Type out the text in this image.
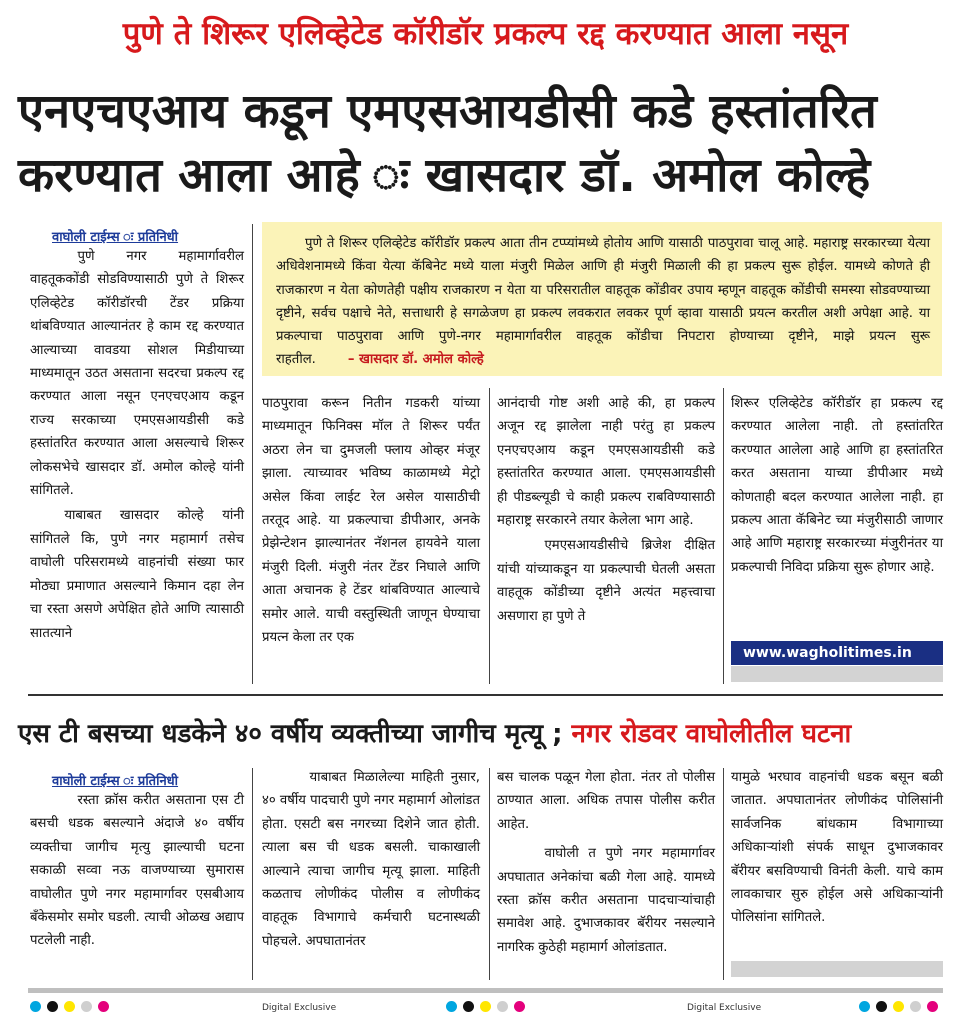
पुणे ते शिरूर एलिव्हेटेड कॉरीडॉर प्रकल्प रद्द करण्यात आला नसून
एनएचएआय कडून एमएसआयडीसी कडे हस्तांतरित
करण्यात आला आहे ः खासदार डॉ. अमोल कोल्हे
वाघोली टाईम्स ः प्रतिनिधी

पुणे नगर महामार्गावरील वाहतूककोंडी सोडविण्यासाठी पुणे ते शिरूर एलिव्हेटेड कॉरीडॉरची टेंडर प्रक्रिया थांबविण्यात आल्यानंतर हे काम रद्द करण्यात आल्याच्या वावडया सोशल मिडीयाच्या माध्यमातून उठत असताना सदरचा प्रकल्प रद्द करण्यात आला नसून एनएचएआय कडून राज्य सरकाच्या एमएसआयडीसी कडे हस्तांतरित करण्यात आला असल्याचे शिरूर लोकसभेचे खासदार डॉ. अमोल कोल्हे यांनी सांगितले.

याबाबत खासदार कोल्हे यांनी सांगितले कि, पुणे नगर महामार्ग तसेच वाघोली परिसरामध्ये वाहनांची संख्या फार मोठ्या प्रमाणात असल्याने किमान दहा लेन चा रस्ता असणे अपेक्षित होते आणि त्यासाठी सातत्याने

पुणे ते शिरूर एलिव्हेटेड कॉरीडॉर प्रकल्प आता तीन टप्प्यांमध्ये होतोय आणि यासाठी पाठपुरावा चालू आहे. महाराष्ट्र सरकारच्या येत्या अधिवेशनामध्ये किंवा येत्या कॅबिनेट मध्ये याला मंजुरी मिळेल आणि ही मंजुरी मिळाली की हा प्रकल्प सुरू होईल. यामध्ये कोणते ही राजकारण न येता कोणतेही पक्षीय राजकारण न येता या परिसरातील वाहतूक कोंडीवर उपाय म्हणून वाहतूक कोंडीची समस्या सोडवण्याच्या दृष्टीने, सर्वच पक्षाचे नेते, सत्ताधारी हे सगळेजण हा प्रकल्प लवकरात लवकर पूर्ण व्हावा यासाठी प्रयत्न करतील अशी अपेक्षा आहे. या प्रकल्पाचा पाठपुरावा आणि पुणे-नगर महामार्गावरील वाहतूक कोंडीचा निपटारा होण्याच्या दृष्टीने, माझे प्रयत्न सुरू राहतील. – खासदार डॉ. अमोल कोल्हे

पाठपुरावा करून नितीन गडकरी यांच्या माध्यमातून फिनिक्स मॉल ते शिरूर पर्यंत अठरा लेन चा दुमजली फ्लाय ओव्हर मंजूर झाला. त्याच्यावर भविष्य काळामध्ये मेट्रो असेल किंवा लाईट रेल असेल यासाठीची तरतूद आहे. या प्रकल्पाचा डीपीआर, अनके प्रेझेन्टेशन झाल्यानंतर नॅशनल हायवेने याला मंजुरी दिली. मंजुरी नंतर टेंडर निघाले आणि आता अचानक हे टेंडर थांबविण्यात आल्याचे समोर आले. याची वस्तुस्थिती जाणून घेण्याचा प्रयत्न केला तर एक

आनंदाची गोष्ट अशी आहे की, हा प्रकल्प अजून रद्द झालेला नाही परंतु हा प्रकल्प एनएचएआय कडून एमएसआयडीसी कडे हस्तांतरित करण्यात आला. एमएसआयडीसी ही पीडब्ल्यूडी चे काही प्रकल्प राबविण्यासाठी महाराष्ट्र सरकारने तयार केलेला भाग आहे.

एमएसआयडीसीचे ब्रिजेश दीक्षित यांची यांच्याकडून या प्रकल्पाची घेतली असता वाहतूक कोंडीच्या दृष्टीने अत्यंत महत्त्वाचा असणारा हा पुणे ते

शिरूर एलिव्हेटेड कॉरीडॉर हा प्रकल्प रद्द करण्यात आलेला नाही. तो हस्तांतरित करण्यात आलेला आहे आणि हा हस्तांतरित करत असताना याच्या डीपीआर मध्ये कोणताही बदल करण्यात आलेला नाही. हा प्रकल्प आता कॅबिनेट च्या मंजुरीसाठी जाणार आहे आणि महाराष्ट्र सरकारच्या मंजुरीनंतर या प्रकल्पाची निविदा प्रक्रिया सुरू होणार आहे.

www.wagholitimes.in
एस टी बसच्या धडकेने ४० वर्षीय व्यक्तीच्या जागीच मृत्यू ; नगर रोडवर वाघोलीतील घटना
वाघोली टाईम्स ः प्रतिनिधी

रस्ता क्रॉस करीत असताना एस टी बसची धडक बसल्याने अंदाजे ४० वर्षीय व्यक्तीचा जागीच मृत्यु झाल्याची घटना सकाळी सव्वा नऊ वाजण्याच्या सुमारास वाघोलीत पुणे नगर महामार्गावर एसबीआय बँकेसमोर समोर घडली. त्याची ओळख अद्याप पटलेली नाही.

याबाबत मिळालेल्या माहिती नुसार, ४० वर्षीय पादचारी पुणे नगर महामार्ग ओलांडत होता. एसटी बस नगरच्या दिशेने जात होती. त्याला बस ची धडक बसली. चाकाखाली आल्याने त्याचा जागीच मृत्यू झाला. माहिती कळताच लोणीकंद पोलीस व लोणीकंद वाहतूक विभागाचे कर्मचारी घटनास्थळी पोहचले. अपघातानंतर

बस चालक पळून गेला होता. नंतर तो पोलीस ठाण्यात आला. अधिक तपास पोलीस करीत आहेत.

वाघोली त पुणे नगर महामार्गावर अपघातात अनेकांचा बळी गेला आहे. यामध्ये रस्ता क्रॉस करीत असताना पादचाऱ्यांचाही समावेश आहे. दुभाजकावर बॅरीयर नसल्याने नागरिक कुठेही महामार्ग ओलांडतात.

यामुळे भरघाव वाहनांची धडक बसून बळी जातात. अपघातानंतर लोणीकंद पोलिसांनी सार्वजनिक बांधकाम विभागाच्या अधिकाऱ्यांशी संपर्क साधून दुभाजकावर बॅरीयर बसविण्याची विनंती केली. याचे काम लावकाचार सुरु होईल असे अधिकाऱ्यांनी पोलिसांना सांगितले.

Digital Exclusive	Digital Exclusive
